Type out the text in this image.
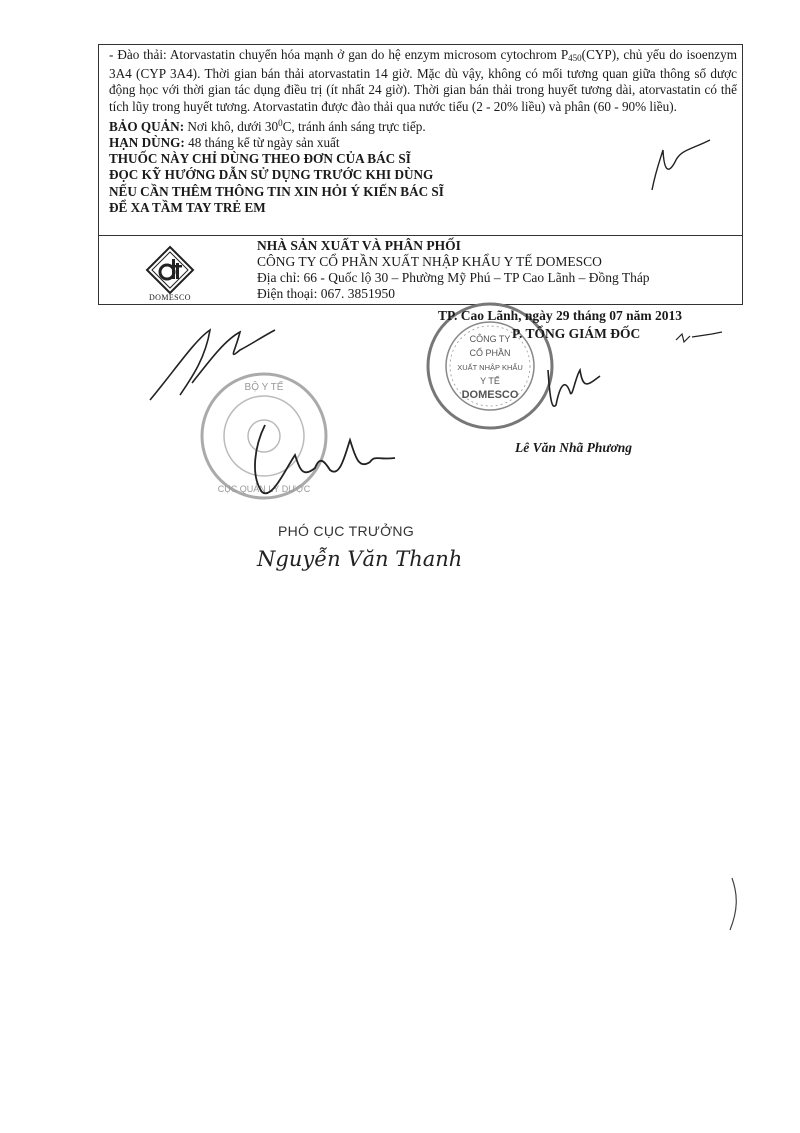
- Đào thải: Atorvastatin chuyển hóa mạnh ở gan do hệ enzym microsom cytochrom $P_{450}(CYP)$, chủ yếu do isoenzym 3A4 (CYP 3A4). Thời gian bán thải atorvastatin 14 giờ. Mặc dù vậy, không có mối tương quan giữa thông số dược động học với thời gian tác dụng điều trị (ít nhất 24 giờ). Thời gian bán thải trong huyết tương dài, atorvastatin có thể tích lũy trong huyết tương. Atorvastatin được đào thải qua nước tiểu (2 - 20% liều) và phân (60 - 90% liều).

BẢO QUẢN: Nơi khô, dưới $30^0C$, tránh ánh sáng trực tiếp.

HẠN DÙNG: 48 tháng kể từ ngày sản xuất

THUỐC NÀY CHỈ DÙNG THEO ĐƠN CỦA BÁC SĨ

ĐỌC KỸ HƯỚNG DẪN SỬ DỤNG TRƯỚC KHI DÙNG

NẾU CẦN THÊM THÔNG TIN XIN HỎI Ý KIẾN BÁC SĨ

ĐỂ XA TẦM TAY TRẺ EM

DOMESCO
NHÀ SẢN XUẤT VÀ PHÂN PHỐI
CÔNG TY CỔ PHẦN XUẤT NHẬP KHẨU Y TẾ DOMESCO
Địa chỉ: 66 - Quốc lộ 30 – Phường Mỹ Phú – TP Cao Lãnh – Đồng Tháp
Điện thoại: 067. 3851950
CÔNG TY
CỔ PHẦN
XUẤT NHẬP KHẨU
Y TẾ
DOMESCO
BỘ Y TẾ
CỤC QUẢN LÝ DƯỢC
TP. Cao Lãnh, ngày 29 tháng 07 năm 2013
P. TỔNG GIÁM ĐỐC
Lê Văn Nhã Phương
PHÓ CỤC TRƯỞNG
Nguyễn Văn Thanh
